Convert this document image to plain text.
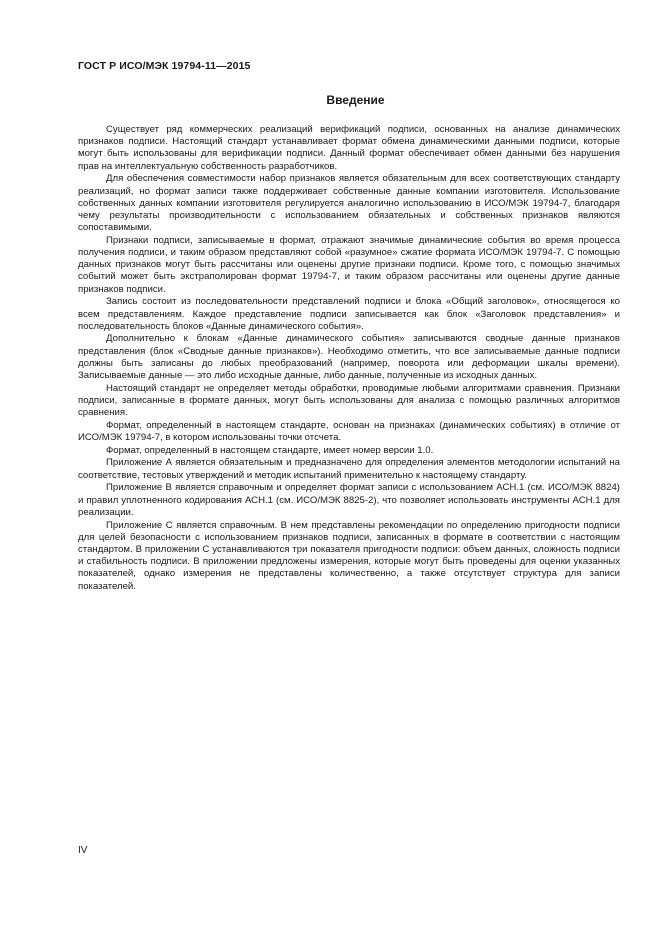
ГОСТ Р ИСО/МЭК 19794-11—2015
Введение

Существует ряд коммерческих реализаций верификаций подписи, основанных на анализе динамических признаков подписи. Настоящий стандарт устанавливает формат обмена динамическими данными подписи, которые могут быть использованы для верификации подписи. Данный формат обеспечивает обмен данными без нарушения прав на интеллектуальную собственность разработчиков.

Для обеспечения совместимости набор признаков является обязательным для всех соответствующих стандарту реализаций, но формат записи также поддерживает собственные данные компании изготовителя. Использование собственных данных компании изготовителя регулируется аналогично использованию в ИСО/МЭК 19794-7, благодаря чему результаты производительности с использованием обязательных и собственных признаков являются сопоставимыми.

Признаки подписи, записываемые в формат, отражают значимые динамические события во время процесса получения подписи, и таким образом представляют собой «разумное» сжатие формата ИСО/МЭК 19794-7. С помощью данных признаков могут быть рассчитаны или оценены другие признаки подписи. Кроме того, с помощью значимых событий может быть экстраполирован формат 19794-7, и таким образом рассчитаны или оценены другие данные признаков подписи.

Запись состоит из последовательности представлений подписи и блока «Общий заголовок», относящегося ко всем представлениям. Каждое представление подписи записывается как блок «Заголовок представления» и последовательность блоков «Данные динамического события».

Дополнительно к блокам «Данные динамического события» записываются сводные данные признаков представления (блок «Сводные данные признаков»). Необходимо отметить, что все записываемые данные подписи должны быть записаны до любых преобразований (например, поворота или деформации шкалы времени). Записываемые данные — это либо исходные данные, либо данные, полученные из исходных данных.

Настоящий стандарт не определяет методы обработки, проводимые любыми алгоритмами сравнения. Признаки подписи, записанные в формате данных, могут быть использованы для анализа с помощью различных алгоритмов сравнения.

Формат, определенный в настоящем стандарте, основан на признаках (динамических событиях) в отличие от ИСО/МЭК 19794-7, в котором использованы точки отсчета.

Формат, определенный в настоящем стандарте, имеет номер версии 1.0.

Приложение А является обязательным и предназначено для определения элементов методологии испытаний на соответствие, тестовых утверждений и методик испытаний применительно к настоящему стандарту.

Приложение В является справочным и определяет формат записи с использованием АСН.1 (см. ИСО/МЭК 8824) и правил уплотненного кодирования АСН.1 (см. ИСО/МЭК 8825-2), что позволяет использовать инструменты АСН.1 для реализации.

Приложение С является справочным. В нем представлены рекомендации по определению пригодности подписи для целей безопасности с использованием признаков подписи, записанных в формате в соответствии с настоящим стандартом. В приложении С устанавливаются три показателя пригодности подписи: объем данных, сложность подписи и стабильность подписи. В приложении предложены измерения, которые могут быть проведены для оценки указанных показателей, однако измерения не представлены количественно, а также отсутствует структура для записи показателей.

IV
